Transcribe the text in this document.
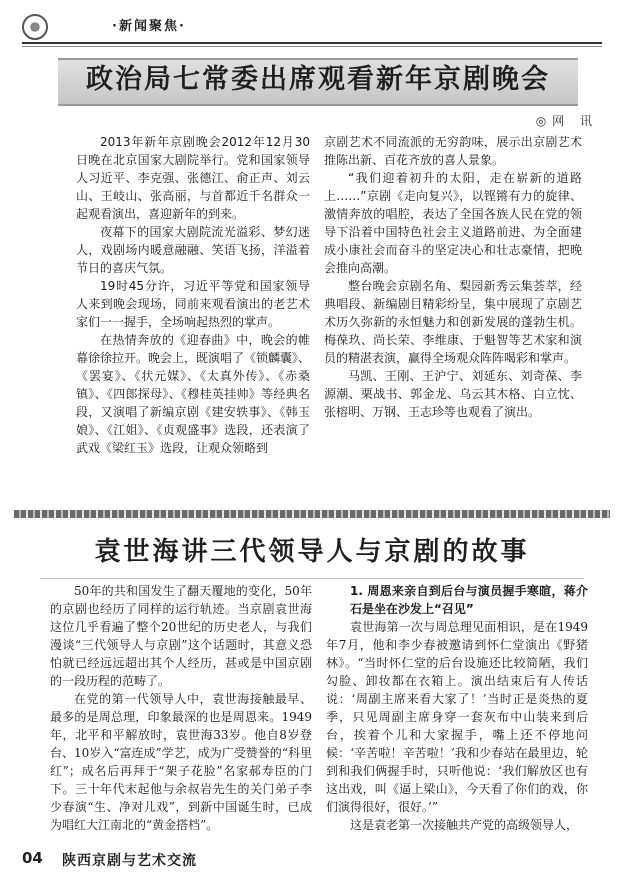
·新闻聚焦·
政治局七常委出席观看新年京剧晚会
◎网 讯

2013年新年京剧晚会2012年12月30日晚在北京国家大剧院举行。党和国家领导人习近平、李克强、张德江、俞正声、刘云山、王岐山、张高丽，与首都近千名群众一起观看演出，喜迎新年的到来。

夜幕下的国家大剧院流光溢彩、梦幻迷人，戏剧场内暖意融融、笑语飞扬，洋溢着节日的喜庆气氛。

19时45分许，习近平等党和国家领导人来到晚会现场，同前来观看演出的老艺术家们一一握手，全场响起热烈的掌声。

在热情奔放的《迎春曲》中，晚会的帷幕徐徐拉开。晚会上，既演唱了《锁麟囊》、《罢宴》、《状元媒》、《太真外传》、《赤桑镇》、《四郎探母》、《穆桂英挂帅》等经典名段，又演唱了新编京剧《建安轶事》、《韩玉娘》、《江姐》、《贞观盛事》选段，还表演了武戏《梁红玉》选段，让观众领略到

京剧艺术不同流派的无穷韵味，展示出京剧艺术推陈出新、百花齐放的喜人景象。

“我们迎着初升的太阳，走在崭新的道路上……”京剧《走向复兴》，以铿锵有力的旋律、激情奔放的唱腔，表达了全国各族人民在党的领导下沿着中国特色社会主义道路前进、为全面建成小康社会而奋斗的坚定决心和壮志豪情，把晚会推向高潮。

整台晚会京剧名角、梨园新秀云集荟萃，经典唱段、新编剧目精彩纷呈，集中展现了京剧艺术历久弥新的永恒魅力和创新发展的蓬勃生机。梅葆玖、尚长荣、李维康、于魁智等艺术家和演员的精湛表演，赢得全场观众阵阵喝彩和掌声。

马凯、王刚、王沪宁、刘延东、刘奇葆、李源潮、栗战书、郭金龙、乌云其木格、白立忱、张榕明、万钢、王志珍等也观看了演出。

袁世海讲三代领导人与京剧的故事

50年的共和国发生了翻天覆地的变化，50年的京剧也经历了同样的运行轨迹。当京剧袁世海这位几乎看遍了整个20世纪的历史老人，与我们漫谈“三代领导人与京剧”这个话题时，其意义恐怕就已经远远超出其个人经历，甚或是中国京剧的一段历程的范畴了。

在党的第一代领导人中，袁世海接触最早、最多的是周总理，印象最深的也是周恩来。1949年，北平和平解放时，袁世海33岁。他自8岁登台、10岁入“富连成”学艺，成为广受赞誉的“科里红”；成名后再拜于“架子花脸”名家郝寿臣的门下。三十年代末起他与余叔岩先生的关门弟子李少春演“生、净对儿戏”，到新中国诞生时，已成为唱红大江南北的“黄金搭档”。

1. 周恩来亲自到后台与演员握手寒暄，蒋介石是坐在沙发上“召见”

袁世海第一次与周总理见面相识，是在1949年7月，他和李少春被邀请到怀仁堂演出《野猪林》。“当时怀仁堂的后台设施还比较简陋，我们勾脸、卸妆都在衣箱上。演出结束后有人传话说：‘周副主席来看大家了！’当时正是炎热的夏季，只见周副主席身穿一套灰布中山装来到后台，挨着个儿和大家握手，嘴上还不停地问候：‘辛苦啦！辛苦啦！’我和少春站在最里边，轮到和我们俩握手时，只听他说：‘我们解放区也有这出戏，叫《逼上梁山》，今天看了你们的戏，你们演得很好，很好。’”

这是袁老第一次接触共产党的高级领导人，

04	陕西京剧与艺术交流
